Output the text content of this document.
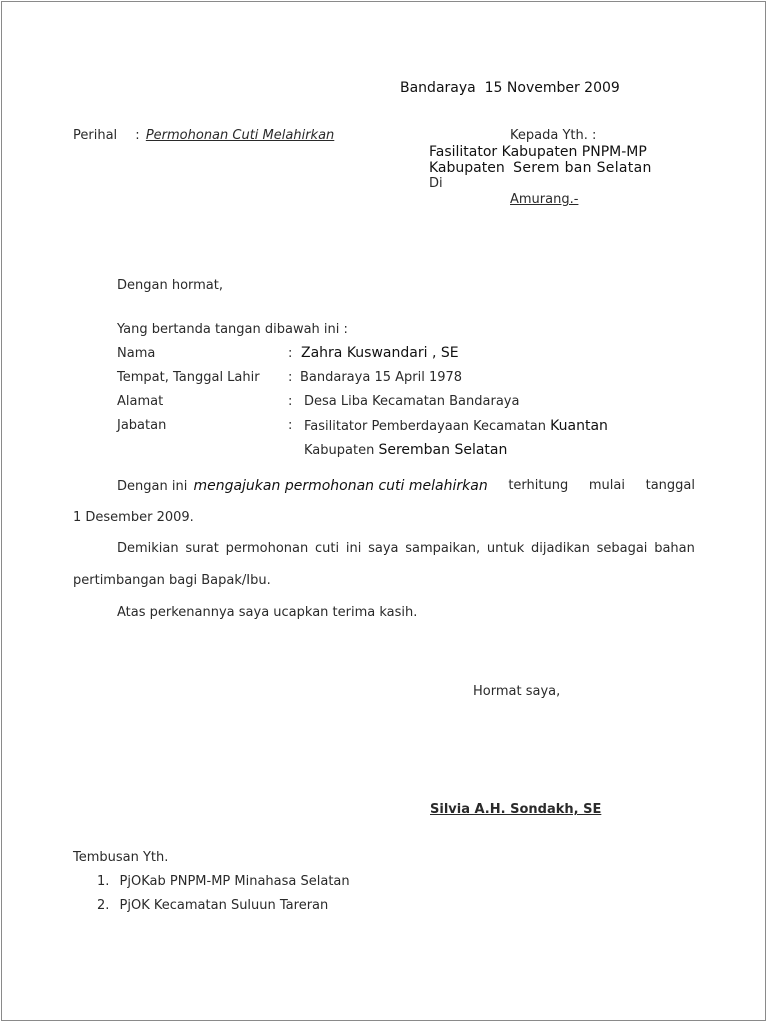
Bandaraya 15 November 2009
Perihal : Permohonan Cuti Melahirkan	Kepada Yth. :
Fasilitator Kabupaten PNPM-MP
Kabupaten Serem ban Selatan
Di
Amurang.-
Dengan hormat,
Yang bertanda tangan dibawah ini :
Nama	: Zahra Kuswandari , SE
Tempat, Tanggal Lahir : Bandaraya 15 April 1978
Alamat	: Desa Liba Kecamatan Bandaraya
Jabatan	: Fasilitator Pemberdayaan Kecamatan Kuantan
Kabupaten Seremban Selatan
Dengan ini mengajukan permohonan cuti melahirkan terhitung mulai tanggal
1 Desember 2009.
Demikian surat permohonan cuti ini saya sampaikan, untuk dijadikan sebagai bahan
pertimbangan bagi Bapak/Ibu.
Atas perkenannya saya ucapkan terima kasih.
Hormat saya,
Silvia A.H. Sondakh, SE
Tembusan Yth.
1. PjOKab PNPM-MP Minahasa Selatan
2. PjOK Kecamatan Suluun Tareran
